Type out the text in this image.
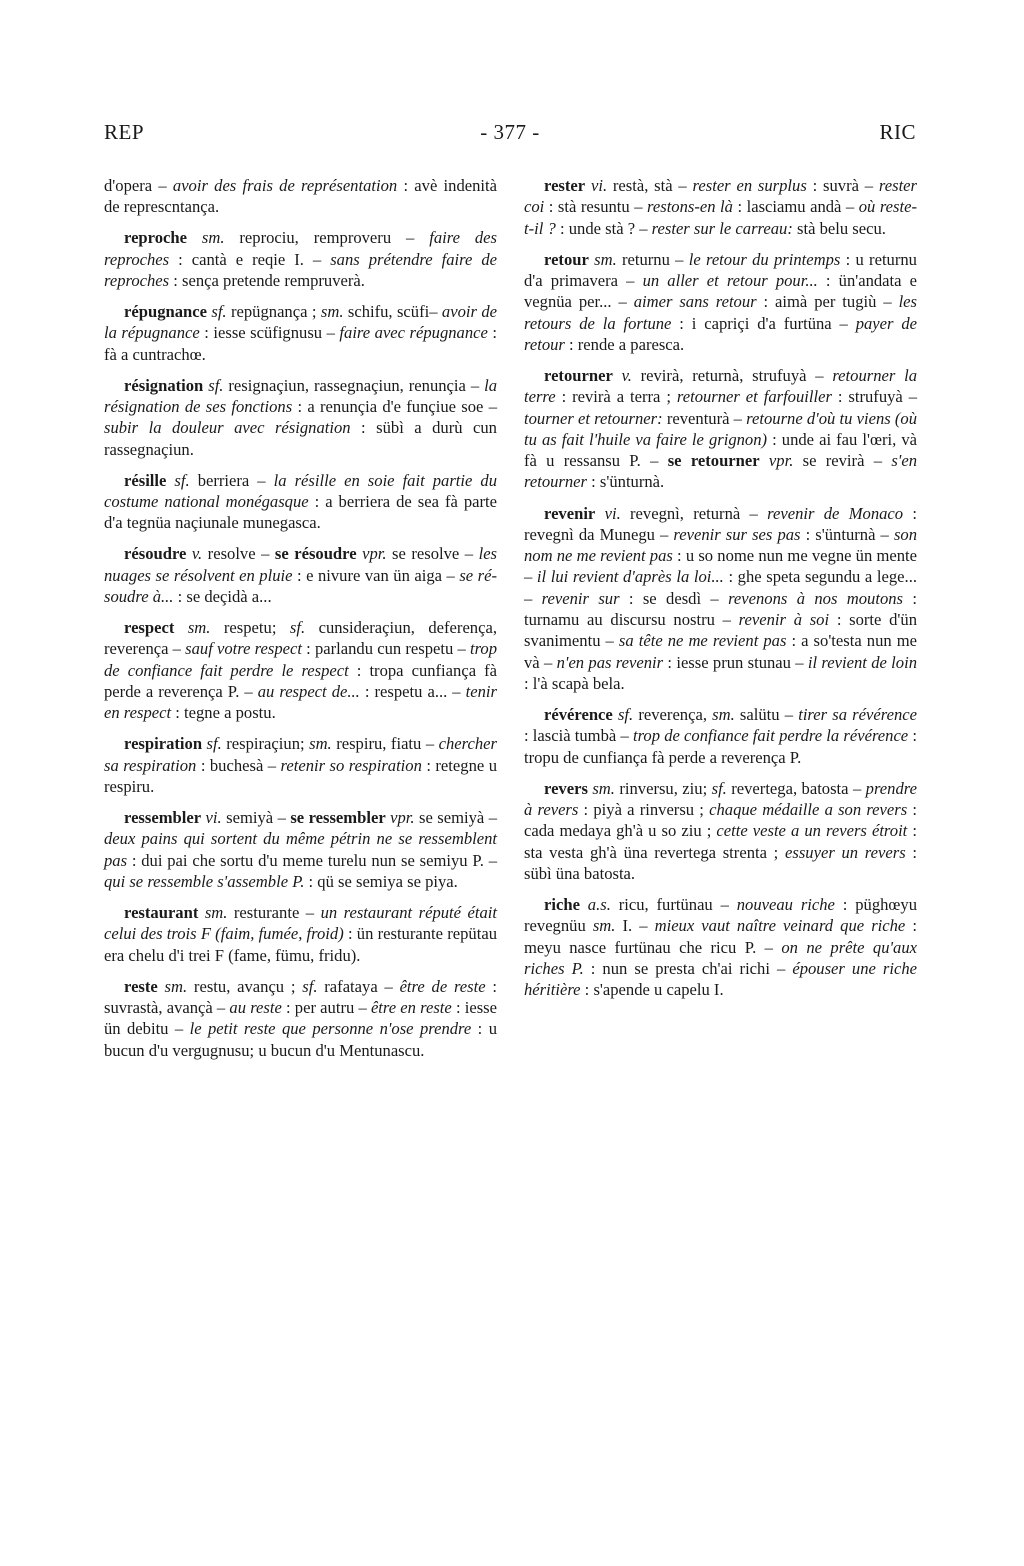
REP	- 377 -	RIC

d'opera – avoir des frais de représentation : avè indenità de represcntança.

reproche sm. reprociu, remproveru – faire des reproches : cantà e reqie I. – sans prétendre faire de reproches : sença pretende rempruverà.

répugnance sf. repügnança ; sm. schifu, scüfi– avoir de la répugnance : iesse scüfignusu – faire avec répugnance : fà a cuntrachœ.

résignation sf. resignaçiun, rassegnaçiun, renunçia – la résignation de ses fonctions : a renunçia d'e funçiue soe – subir la douleur avec résignation : sübì a durù cun rassegnaçiun.

résille sf. berriera – la résille en soie fait partie du costume national monégasque : a berriera de sea fà parte d'a tegnüa naçiunale munegasca.

résoudre v. resolve – se résoudre vpr. se resolve – les nuages se résolvent en pluie : e nivure van ün aiga – se résoudre à... : se deçidà a...

respect sm. respetu; sf. cunsideraçiun, deferença, reverença – sauf votre respect : parlandu cun respetu – trop de confiance fait perdre le respect : tropa cunfiança fà perde a reverença P. – au respect de... : respetu a... – tenir en respect : tegne a postu.

respiration sf. respiraçiun; sm. respiru, fiatu – chercher sa respiration : buchesà – retenir so respiration : retegne u respiru.

ressembler vi. semiyà – se ressembler vpr. se semiyà – deux pains qui sortent du même pétrin ne se ressemblent pas : dui pai che sortu d'u meme turelu nun se semiyu P. – qui se ressemble s'assemble P. : qü se semiya se piya.

restaurant sm. resturante – un restaurant réputé était celui des trois F (faim, fumée, froid) : ün resturante repütau era chelu d'i trei F (fame, fümu, fridu).

reste sm. restu, avançu ; sf. rafataya – être de reste : suvrastà, avançà – au reste : per autru – être en reste : iesse ün debitu – le petit reste que personne n'ose prendre : u bucun d'u vergugnusu; u bucun d'u Mentunascu.

rester vi. restà, stà – rester en surplus : suvrà – rester coi : stà resuntu – restons-en là : lasciamu andà – où reste-t-il ? : unde stà ? – rester sur le carreau: stà belu secu.

retour sm. returnu – le retour du printemps : u returnu d'a primavera – un aller et retour pour... : ün'andata e vegnüa per... – aimer sans retour : aimà per tugiù – les retours de la fortune : i capriçi d'a furtüna – payer de retour : rende a paresca.

retourner v. revirà, returnà, strufuyà – retourner la terre : revirà a terra ; retourner et farfouiller : strufuyà – tourner et retourner: reventurà – retourne d'où tu viens (où tu as fait l'huile va faire le grignon) : unde ai fau l'œri, và fà u ressansu P. – se retourner vpr. se revirà – s'en retourner : s'ünturnà.

revenir vi. revegnì, returnà – revenir de Monaco : revegnì da Munegu – revenir sur ses pas : s'ünturnà – son nom ne me revient pas : u so nome nun me vegne ün mente – il lui revient d'après la loi... : ghe speta segundu a lege... – revenir sur : se desdì – revenons à nos moutons : turnamu au discursu nostru – revenir à soi : sorte d'ün svanimentu – sa tête ne me revient pas : a so'testa nun me và – n'en pas revenir : iesse prun stunau – il revient de loin : l'à scapà bela.

révérence sf. reverença, sm. salütu – tirer sa révérence : lascià tumbà – trop de confiance fait perdre la révérence : tropu de cunfiança fà perde a reverença P.

revers sm. rinversu, ziu; sf. revertega, batosta – prendre à revers : piyà a rinversu ; chaque médaille a son revers : cada medaya gh'à u so ziu ; cette veste a un revers étroit : sta vesta gh'à üna revertega strenta ; essuyer un revers : sübì üna batosta.

riche a.s. ricu, furtünau – nouveau riche : püghœyu revegnüu sm. I. – mieux vaut naître veinard que riche : meyu nasce furtünau che ricu P. – on ne prête qu'aux riches P. : nun se presta ch'ai richi – épouser une riche héritière : s'apende u capelu I.
